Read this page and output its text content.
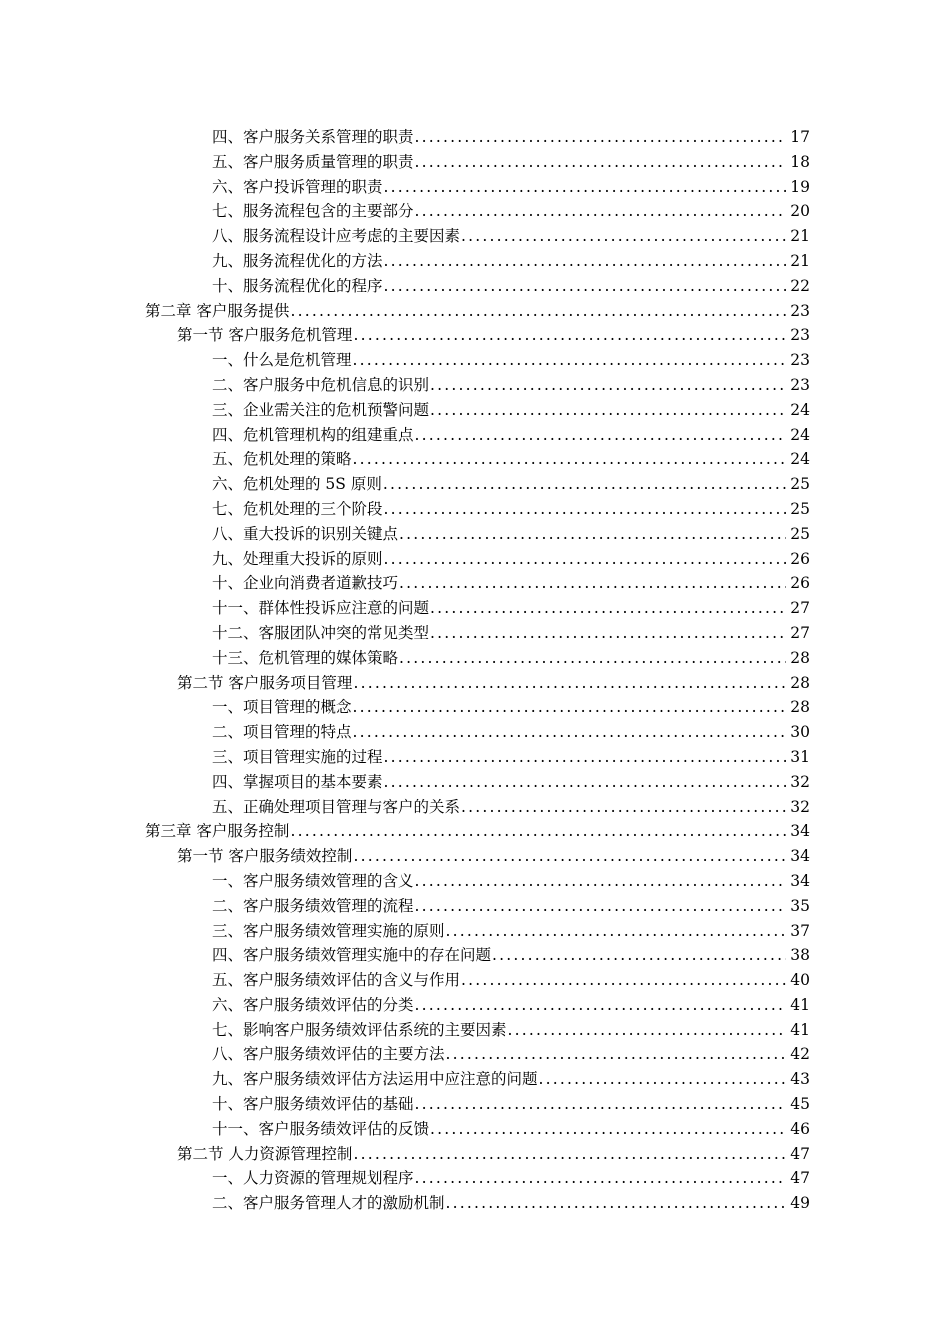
四、客户服务关系管理的职责 .....	17
五、客户服务质量管理的职责 .....	18
六、客户投诉管理的职责 .....	19
七、服务流程包含的主要部分 .....	20
八、服务流程设计应考虑的主要因素 .....	21
九、服务流程优化的方法 .....	21
十、服务流程优化的程序 .....	22
第二章 客户服务提供 .....	23
第一节 客户服务危机管理 .....	23
一、什么是危机管理 .....	23
二、客户服务中危机信息的识别 .....	23
三、企业需关注的危机预警问题 .....	24
四、危机管理机构的组建重点 .....	24
五、危机处理的策略 .....	24
六、危机处理的 5S 原则 .....	25
七、危机处理的三个阶段 .....	25
八、重大投诉的识别关键点 .....	25
九、处理重大投诉的原则 .....	26
十、企业向消费者道歉技巧 .....	26
十一、群体性投诉应注意的问题 .....	27
十二、客服团队冲突的常见类型 .....	27
十三、危机管理的媒体策略 .....	28
第二节 客户服务项目管理 .....	28
一、项目管理的概念 .....	28
二、项目管理的特点 .....	30
三、项目管理实施的过程 .....	31
四、掌握项目的基本要素 .....	32
五、正确处理项目管理与客户的关系 .....	32
第三章 客户服务控制 .....	34
第一节 客户服务绩效控制 .....	34
一、客户服务绩效管理的含义 .....	34
二、客户服务绩效管理的流程 .....	35
三、客户服务绩效管理实施的原则 .....	37
四、客户服务绩效管理实施中的存在问题 .....	38
五、客户服务绩效评估的含义与作用 .....	40
六、客户服务绩效评估的分类 .....	41
七、影响客户服务绩效评估系统的主要因素 .....	41
八、客户服务绩效评估的主要方法 .....	42
九、客户服务绩效评估方法运用中应注意的问题 .....	43
十、客户服务绩效评估的基础 .....	45
十一、客户服务绩效评估的反馈 .....	46
第二节 人力资源管理控制 .....	47
一、人力资源的管理规划程序 .....	47
二、客户服务管理人才的激励机制 .....	49
